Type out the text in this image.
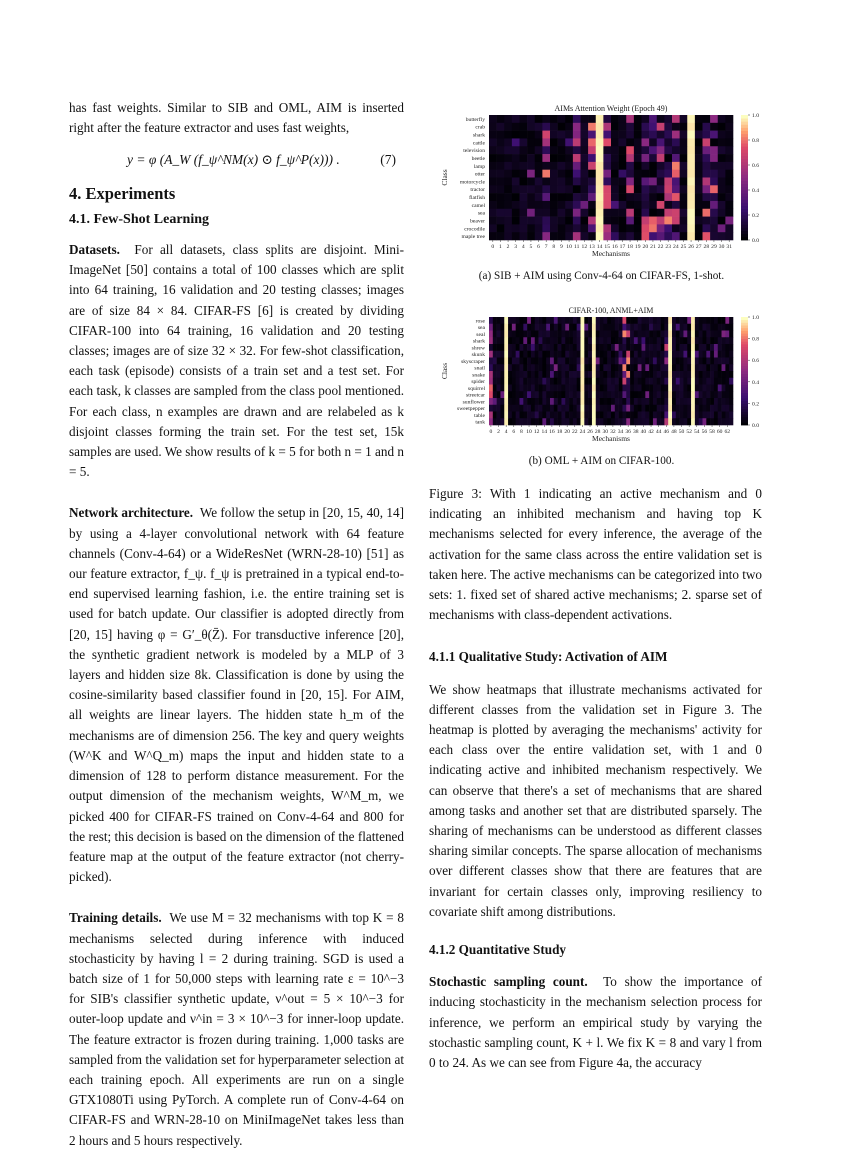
has fast weights. Similar to SIB and OML, AIM is inserted right after the feature extractor and uses fast weights,

y = φ (A_W (f_ψ^NM(x) ⊙ f_ψ^P(x))) .	(7)
4. Experiments
4.1. Few-Shot Learning

Datasets. For all datasets, class splits are disjoint. Mini-ImageNet [50] contains a total of 100 classes which are split into 64 training, 16 validation and 20 testing classes; images are of size 84 × 84. CIFAR-FS [6] is created by dividing CIFAR-100 into 64 training, 16 validation and 20 testing classes; images are of size 32 × 32. For few-shot classification, each task (episode) consists of a train set and a test set. For each task, k classes are sampled from the class pool mentioned. For each class, n examples are drawn and are relabeled as k disjoint classes forming the train set. For the test set, 15k samples are used. We show results of k = 5 for both n = 1 and n = 5.

Network architecture. We follow the setup in [20, 15, 40, 14] by using a 4-layer convolutional network with 64 feature channels (Conv-4-64) or a WideResNet (WRN-28-10) [51] as our feature extractor, f_ψ. f_ψ is pretrained in a typical end-to-end supervised learning fashion, i.e. the entire training set is used for batch update. Our classifier is adopted directly from [20, 15] having φ = G′_θ(Z̄). For transductive inference [20], the synthetic gradient network is modeled by a MLP of 3 layers and hidden size 8k. Classification is done by using the cosine-similarity based classifier found in [20, 15]. For AIM, all weights are linear layers. The hidden state h_m of the mechanisms are of dimension 256. The key and query weights (W^K and W^Q_m) maps the input and hidden state to a dimension of 128 to perform distance measurement. For the output dimension of the mechanism weights, W^M_m, we picked 400 for CIFAR-FS trained on Conv-4-64 and 800 for the rest; this decision is based on the dimension of the flattened feature map at the output of the feature extractor (not cherry-picked).

Training details. We use M = 32 mechanisms with top K = 8 mechanisms selected during inference with induced stochasticity by having l = 2 during training. SGD is used a batch size of 1 for 50,000 steps with learning rate ε = 10^−3 for SIB's classifier synthetic update, ν^out = 5 × 10^−3 for outer-loop update and ν^in = 3 × 10^−3 for inner-loop update. The feature extractor is frozen during training. 1,000 tasks are sampled from the validation set for hyperparameter selection at each training epoch. All experiments are run on a single GTX1080Ti using PyTorch. A complete run of Conv-4-64 on CIFAR-FS and WRN-28-10 on MiniImageNet takes less than 2 hours and 5 hours respectively.

AIMs Attention Weight (Epoch 49)
butterfly
crab
shark
cattle
television
beetle
lamp
otter
motorcycle
tractor
flatfish
camel
sea
beaver
crocodile
maple tree
0 1 2 3 4 5 6 7 8 9 10 11 12 13 14 15 16 17 18 19 20 21 22 23 24 25 26 27 28 29 30 31
Mechanisms
Class
0.0
0.2
0.4
0.6
0.8
1.0
(a) SIB + AIM using Conv-4-64 on CIFAR-FS, 1-shot.
CIFAR-100, ANML+AIM
rose
sea
seal
shark
shrew
skunk
skyscraper
snail
snake
spider
squirrel
streetcar
sunflower
sweetpepper
table
tank
0 2 4 6 8 10 12 14 16 18 20 22 24 26 28 30 32 34 36 38 40 42 44 46 48 50 52 54 56 58 60 62
Mechanisms
Class
0.0
0.2
0.4
0.6
0.8
1.0
(b) OML + AIM on CIFAR-100.

Figure 3: With 1 indicating an active mechanism and 0 indicating an inhibited mechanism and having top K mechanisms selected for every inference, the average of the activation for the same class across the entire validation set is taken here. The active mechanisms can be categorized into two sets: 1. fixed set of shared active mechanisms; 2. sparse set of mechanisms with class-dependent activations.

4.1.1 Qualitative Study: Activation of AIM

We show heatmaps that illustrate mechanisms activated for different classes from the validation set in Figure 3. The heatmap is plotted by averaging the mechanisms' activity for each class over the entire validation set, with 1 and 0 indicating active and inhibited mechanism respectively. We can observe that there's a set of mechanisms that are shared among tasks and another set that are distributed sparsely. The sharing of mechanisms can be understood as different classes sharing similar concepts. The sparse allocation of mechanisms over different classes show that there are features that are invariant for certain classes only, improving resiliency to covariate shift among distributions.

4.1.2 Quantitative Study

Stochastic sampling count. To show the importance of inducing stochasticity in the mechanism selection process for inference, we perform an empirical study by varying the stochastic sampling count, K + l. We fix K = 8 and vary l from 0 to 24. As we can see from Figure 4a, the accuracy
